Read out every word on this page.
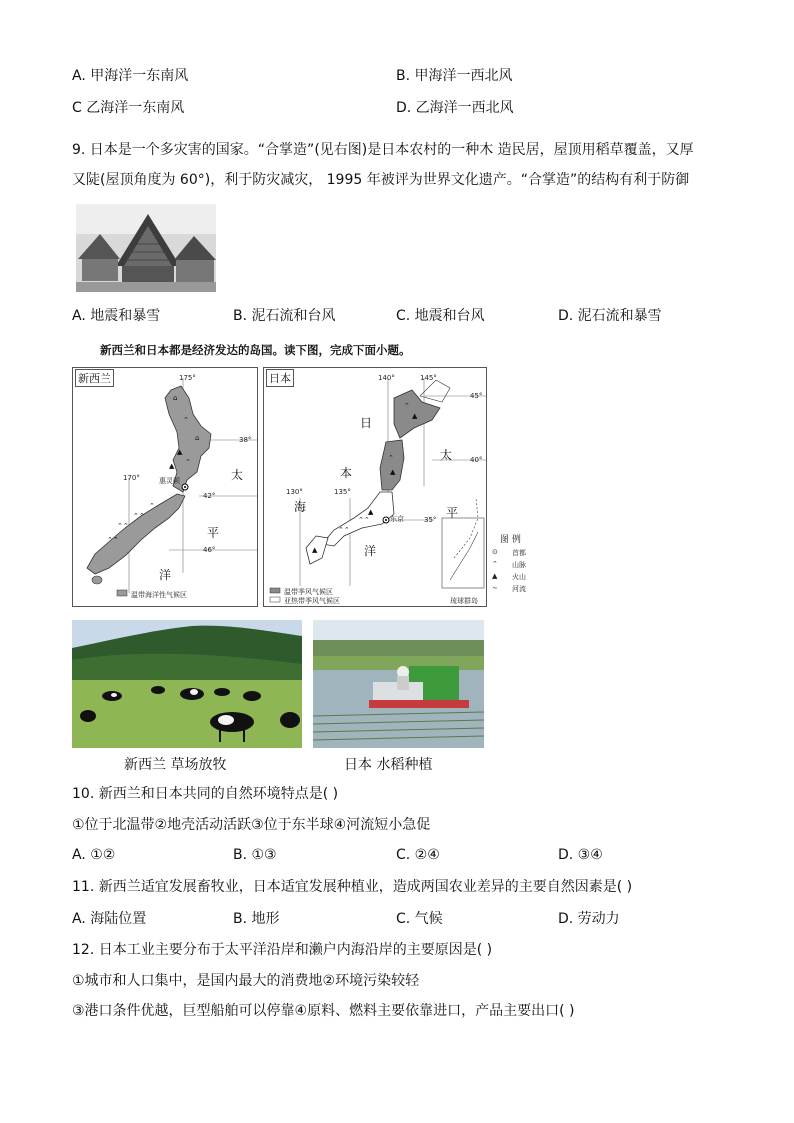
A. 甲海洋一东南风	B. 甲海洋一西北风
C 乙海洋一东南风	D. 乙海洋一西北风
9. 日本是一个多灾害的国家。“合掌造”(见右图)是日本农村的一种木 造民居，屋顶用稻草覆盖，又厚
又陡(屋顶角度为 60°)，利于防灾减灾， 1995 年被评为世界文化遗产。“合掌造”的结构有利于防御
A. 地震和暴雪	B. 泥石流和台风	C. 地震和台风	D. 泥石流和暴雪
新西兰和日本都是经济发达的岛国。读下图，完成下面小题。
⌂
⌃
▲
⌃
⌂
▲
⌃⌃
⌃⌃
⌃⌃
⌃
新西兰	175°
170°
38°
42°
46°
惠灵顿	太
平
洋
温带海洋性气候区
⌃
▲
⌃
▲
▲
⌃⌃
⌃⌃
▲
日本	140°	145°
130°	135°
45°
40°
35°
日
本
海
太
平
洋
东京
温带季风气候区
亚热带季风气候区	琉球群岛
图 例
⊙ 首都
⌃ 山脉
▲ 火山
∼ 河流
新西兰 草场放牧	日本 水稻种植
10. 新西兰和日本共同的自然环境特点是( )
①位于北温带②地壳活动活跃③位于东半球④河流短小急促
A. ①②	B. ①③	C. ②④	D. ③④
11. 新西兰适宜发展畜牧业，日本适宜发展种植业，造成两国农业差异的主要自然因素是( )
A. 海陆位置	B. 地形	C. 气候	D. 劳动力
12. 日本工业主要分布于太平洋沿岸和濑户内海沿岸的主要原因是( )
①城市和人口集中，是国内最大的消费地②环境污染较轻
③港口条件优越，巨型船舶可以停靠④原料、燃料主要依靠进口，产品主要出口( )
